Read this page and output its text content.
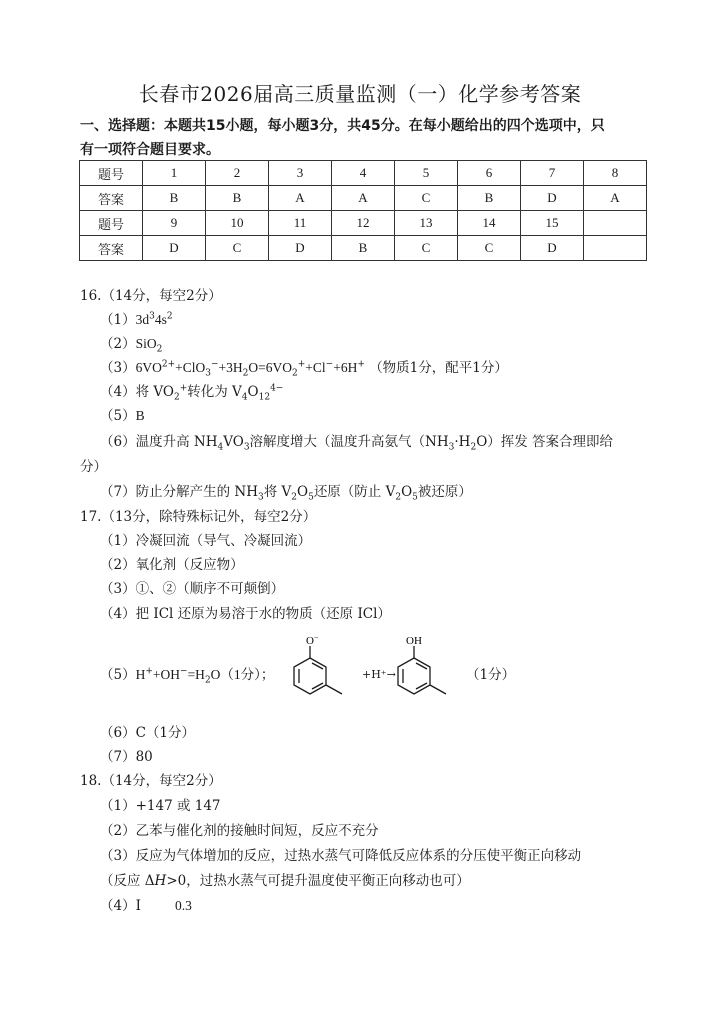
长春市2026届高三质量监测（一）化学参考答案
一、选择题：本题共15小题，每小题3分，共45分。在每小题给出的四个选项中，只
有一项符合题目要求。
题号	1	2	3	4	5	6	7	8
答案	B	B	A	A	C	B	D	A
题号	9	10	11	12	13	14	15	
答案	D	C	D	B	C	C	D	
16.（14分，每空2分）
$(1)3d^34s^2$
（2）SiO$_2$
$(3)6VO^{2+}+ClO_3^-+3H_2O=6VO_2^++Cl^-+6H^+$ （物质1分，配平1分）
（4）将 $VO_2^+$转化为 $V_4O_{12}^{4-}$
（5）B
（6）温度升高 $NH_4VO_3$溶解度增大（温度升高氨气$(NH_3\cdot H_2O)$挥发 答案合理即给
分）
（7）防止分解产生的 $NH_3$将 $V_2O_5$还原（防止 $V_2O_5$被还原）
17.（13分，除特殊标记外，每空2分）
（1）冷凝回流（导气、冷凝回流）
（2）氧化剂（反应物）
（3）①、②（顺序不可颠倒）
（4）把 ICl 还原为易溶于水的物质（还原 ICl）
$(5)H^++OH^-=H_2O(1$分）；
O−
+H⁺→
OH
（1分）
（6）C（1分）
（7）80
18.（14分，每空2分）
（1）+147 或 147
（2）乙苯与催化剂的接触时间短，反应不充分
（3）反应为气体增加的反应，过热水蒸气可降低反应体系的分压使平衡正向移动
（反应 ΔH>0，过热水蒸气可提升温度使平衡正向移动也可）
（4）Ⅰ	0.3
